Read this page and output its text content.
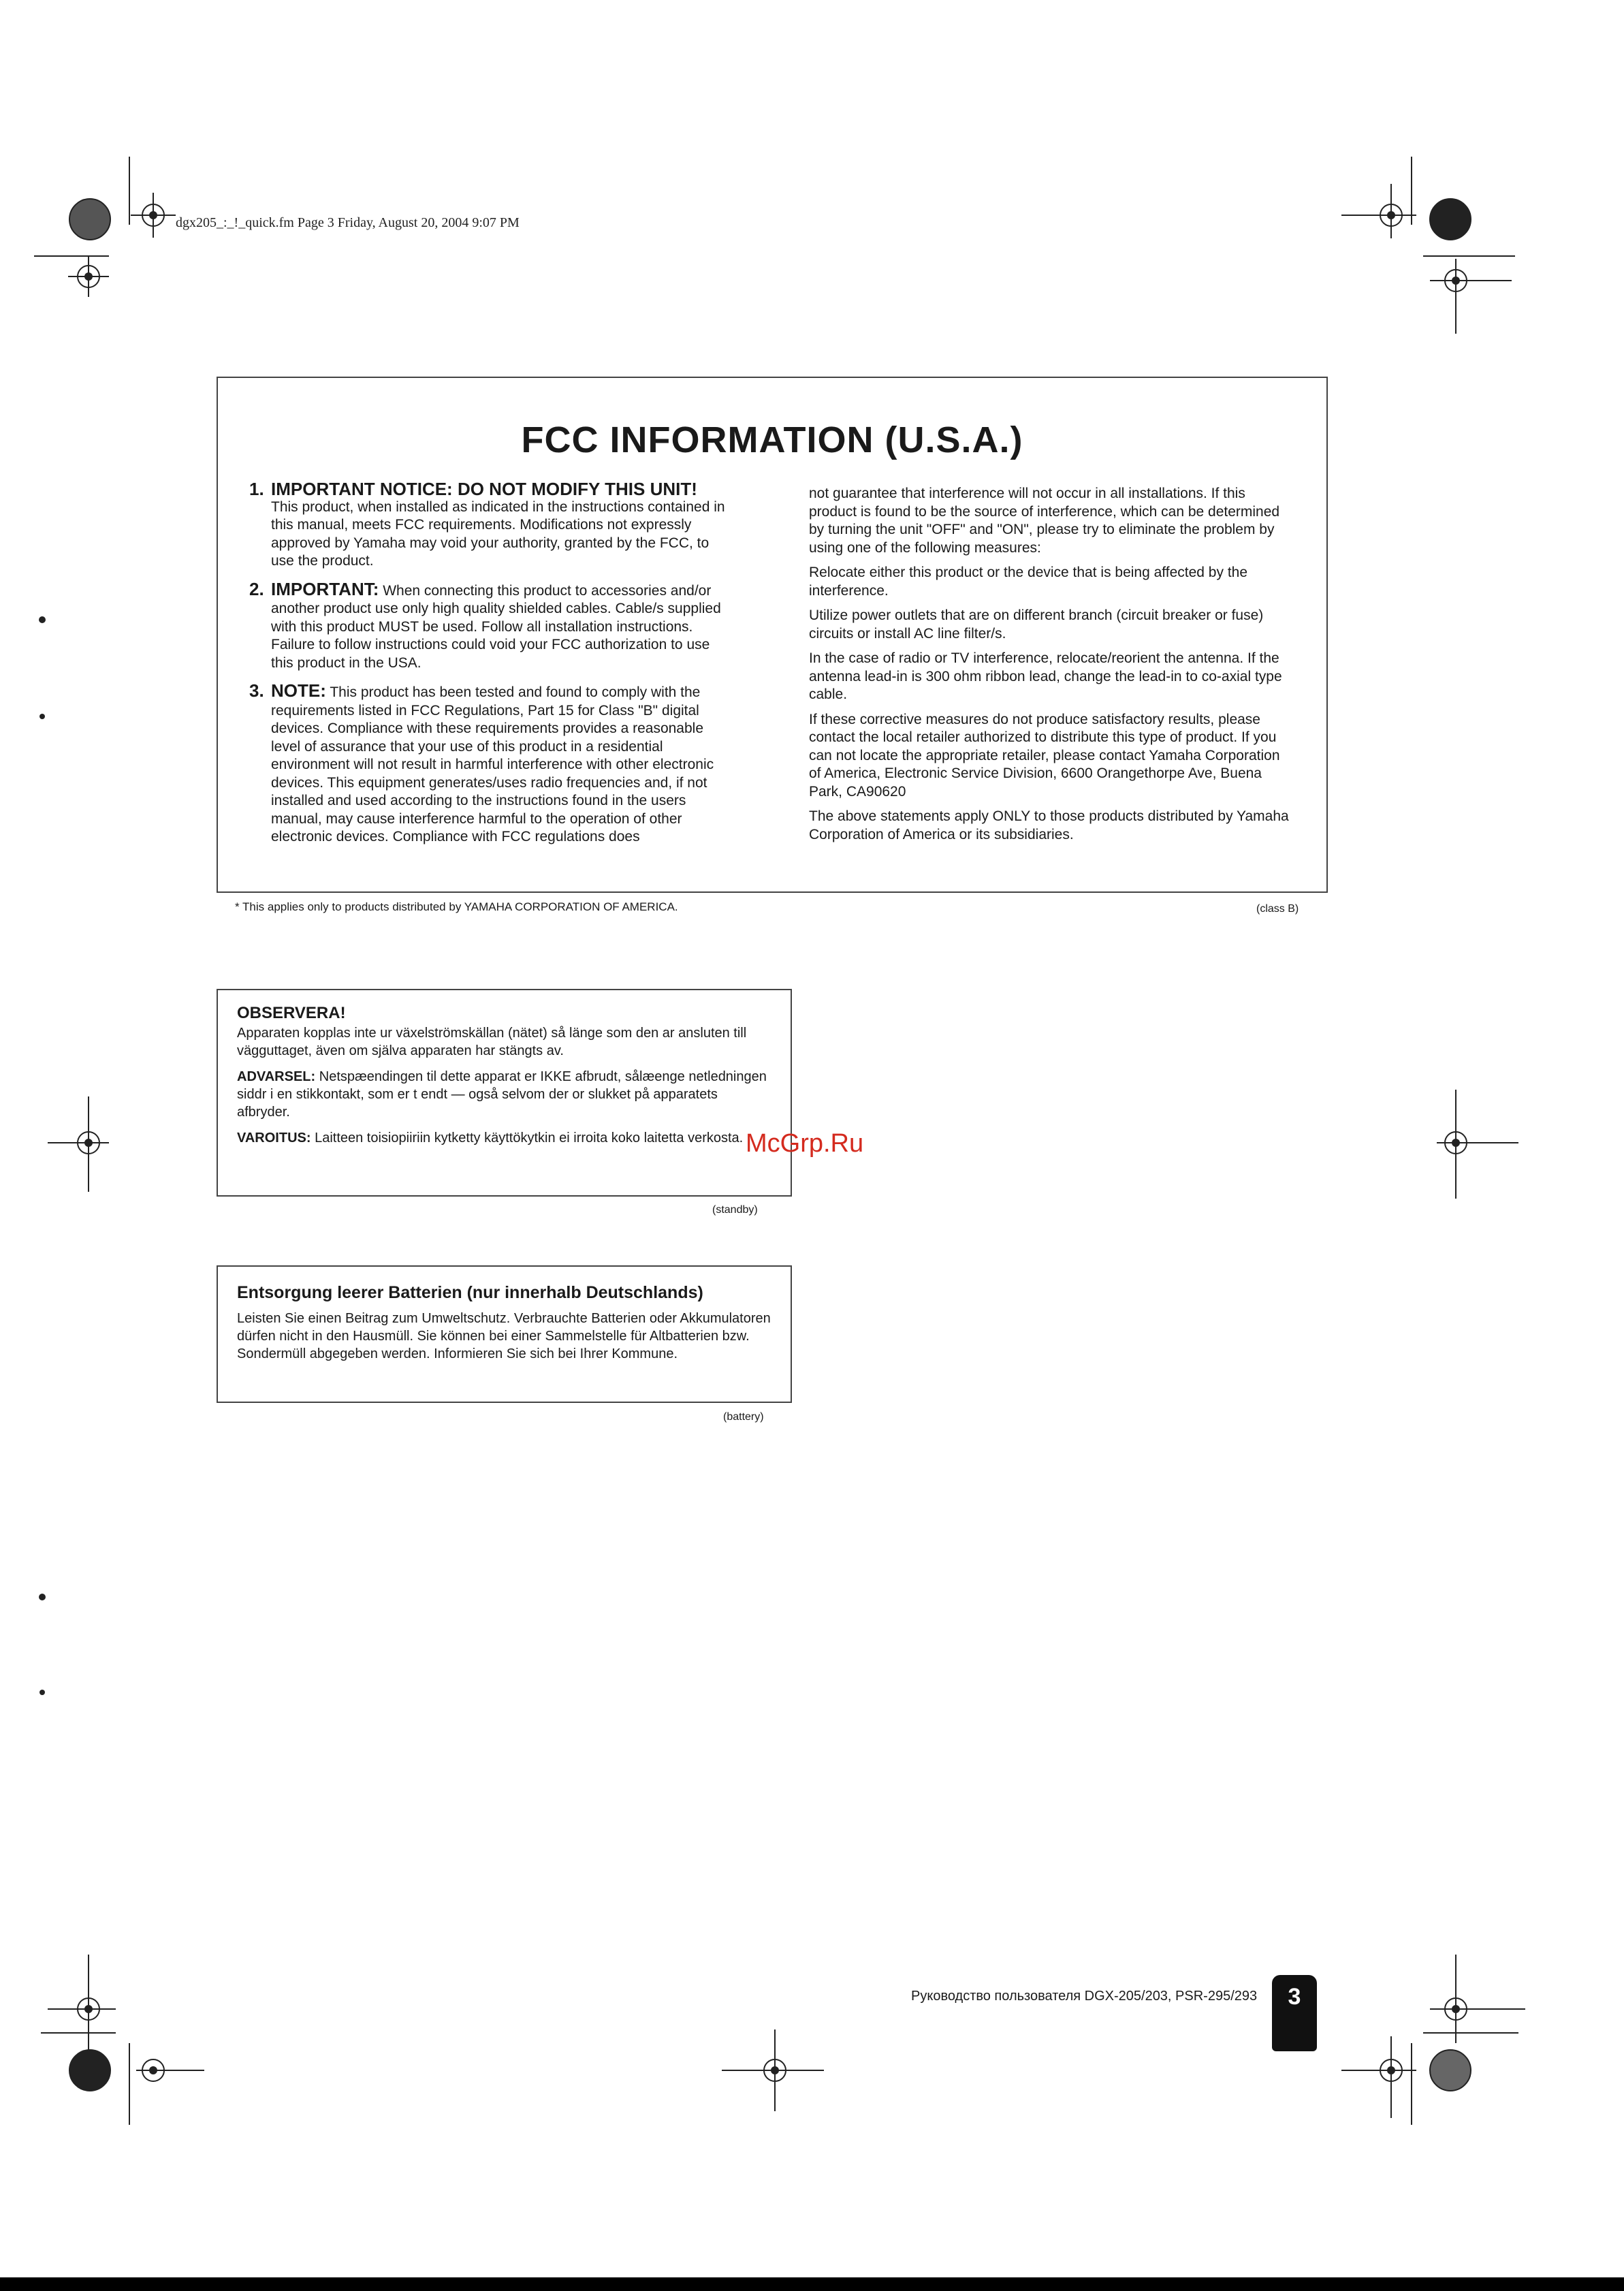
dgx205_:_!_quick.fm Page 3 Friday, August 20, 2004 9:07 PM
FCC INFORMATION (U.S.A.)
1. IMPORTANT NOTICE: DO NOT MODIFY THIS UNIT!
This product, when installed as indicated in the instructions contained in this manual, meets FCC requirements. Modifications not expressly approved by Yamaha may void your authority, granted by the FCC, to use the product.
2. IMPORTANT: When connecting this product to accessories and/or another product use only high quality shielded cables. Cable/s supplied with this product MUST be used. Follow all installation instructions. Failure to follow instructions could void your FCC authorization to use this product in the USA.
3. NOTE: This product has been tested and found to comply with the requirements listed in FCC Regulations, Part 15 for Class "B" digital devices. Compliance with these requirements provides a reasonable level of assurance that your use of this product in a residential environment will not result in harmful interference with other electronic devices. This equipment generates/uses radio frequencies and, if not installed and used according to the instructions found in the users manual, may cause interference harmful to the operation of other electronic devices. Compliance with FCC regulations does

not guarantee that interference will not occur in all installations. If this product is found to be the source of interference, which can be determined by turning the unit "OFF" and "ON", please try to eliminate the problem by using one of the following measures:

Relocate either this product or the device that is being affected by the interference.

Utilize power outlets that are on different branch (circuit breaker or fuse) circuits or install AC line filter/s.

In the case of radio or TV interference, relocate/reorient the antenna. If the antenna lead-in is 300 ohm ribbon lead, change the lead-in to co-axial type cable.

If these corrective measures do not produce satisfactory results, please contact the local retailer authorized to distribute this type of product. If you can not locate the appropriate retailer, please contact Yamaha Corporation of America, Electronic Service Division, 6600 Orangethorpe Ave, Buena Park, CA90620

The above statements apply ONLY to those products distributed by Yamaha Corporation of America or its subsidiaries.

* This applies only to products distributed by YAMAHA CORPORATION OF AMERICA.	(class B)
OBSERVERA!

Apparaten kopplas inte ur växelströmskällan (nätet) så länge som den ar ansluten till vägguttaget, även om själva apparaten har stängts av.

ADVARSEL: Netspæendingen til dette apparat er IKKE afbrudt, sålæenge netledningen siddr i en stikkontakt, som er t endt — også selvom der or slukket på apparatets afbryder.

VAROITUS: Laitteen toisiopiiriin kytketty käyttökytkin ei irroita koko laitetta verkosta.

(standby)
Entsorgung leerer Batterien (nur innerhalb Deutschlands)
Leisten Sie einen Beitrag zum Umweltschutz. Verbrauchte Batterien oder Akkumulatoren dürfen nicht in den Hausmüll. Sie können bei einer Sammelstelle für Altbatterien bzw. Sondermüll abgegeben werden. Informieren Sie sich bei Ihrer Kommune.
(battery)
McGrp.Ru
Руководство пользователя DGX-205/203, PSR-295/293	3
